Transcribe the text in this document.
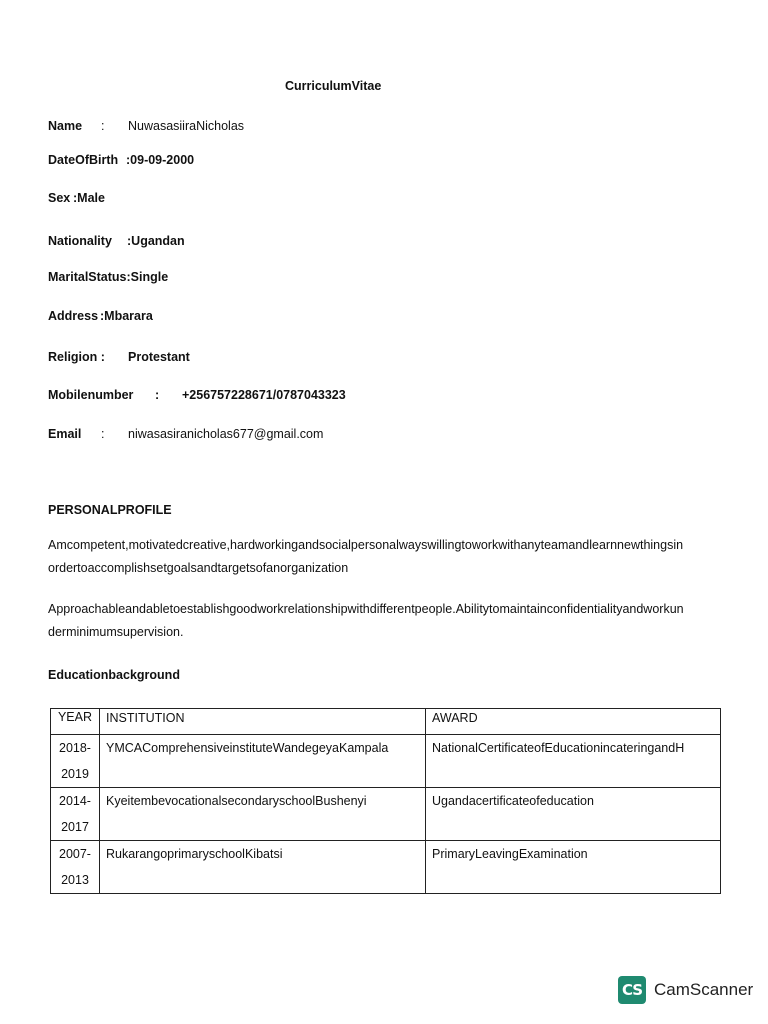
CurriculumVitae
Name : NuwasasiiraNicholas
DateOfBirth :09-09-2000
Sex :Male
Nationality :Ugandan
MaritalStatus:Single
Address :Mbarara
Religion : Protestant
Mobilenumber : +256757228671/0787043323
Email : niwasasiranicholas677@gmail.com
PERSONALPROFILE
Amcompetent,motivatedcreative,hardworkingandsocialpersonalwayswillingtoworkwithanyteamandlearnnewthingsinordertoaccomplishsetgoalsandtargetsofanorganization
Approachableandabletoestablishgoodworkrelationshipwithdifferentpeople.Abilitytomaintainconfidentialityandworkunderminimumsupervision.
Educationbackground
YEAR	INSTITUTION	AWARD
2018-
2019	YMCAComprehensiveinstituteWandegeyaKampala	NationalCertificateofEducationincateringandH
2014-
2017	KyeitembevocationalsecondaryschoolBushenyi	Ugandacertificateofeducation
2007-
2013	RukarangoprimaryschoolKibatsi	PrimaryLeavingExamination
CS CamScanner
